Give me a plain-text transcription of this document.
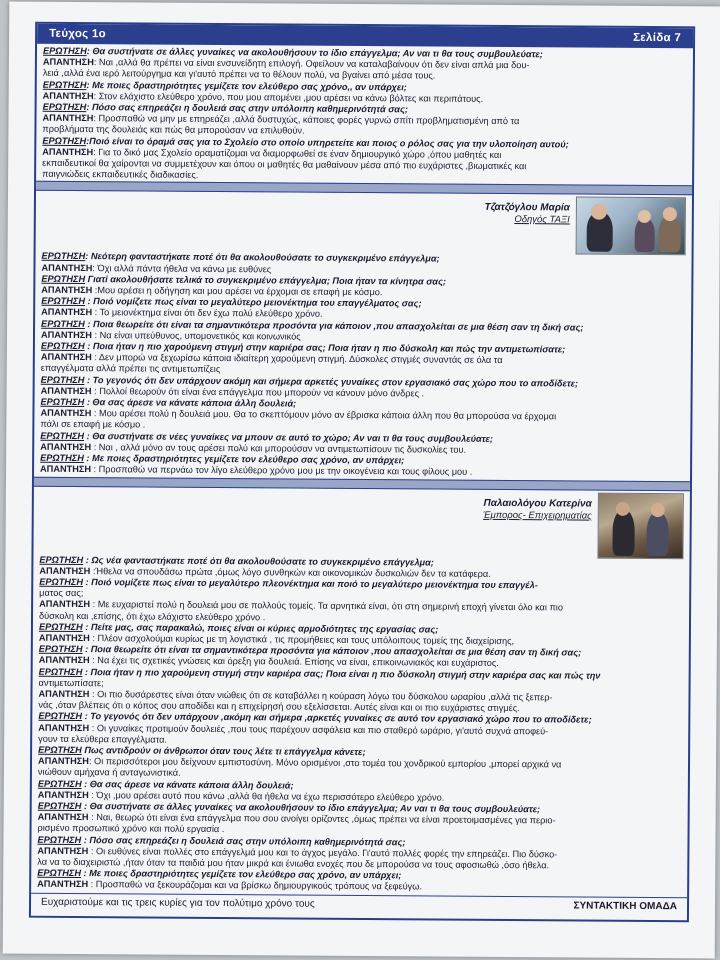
Τεύχος 1ο	Σελίδα 7
ΕΡΩΤΗΣΗ: Θα συστήνατε σε άλλες γυναίκες να ακολουθήσουν το ίδιο επάγγελμα; Αν ναι τι θα τους συμβουλεύατε;
ΑΠΑΝΤΗΣΗ: Ναι ,αλλά θα πρέπει να είναι ενσυνείδητη επιλογή. Οφείλουν να καταλαβαίνουν ότι δεν είναι απλά μια δου-
λειά ,αλλά ένα ιερό λειτούργημα και γι'αυτό πρέπει να το θέλουν πολύ, να βγαίνει από μέσα τους.
ΕΡΩΤΗΣΗ: Με ποιες δραστηριότητες γεμίζετε τον ελεύθερο σας χρόνο,, αν υπάρχει;
ΑΠΑΝΤΗΣΗ: Στον ελάχιστο ελεύθερο χρόνο, που μου απομένει ,μου αρέσει να κάνω βόλτες και περιπάτους.
ΕΡΩΤΗΣΗ: Πόσο σας επηρεάζει η δουλειά σας στην υπόλοιπη καθημερινότητά σας;
ΑΠΑΝΤΗΣΗ: Προσπαθώ να μην με επηρεάζει ,αλλά δυστυχώς, κάποιες φορές γυρνώ σπίτι προβληματισμένη από τα
προβλήματα της δουλειάς και πώς θα μπορούσαν να επιλυθούν.
ΕΡΩΤΗΣΗ:Ποιό είναι το όραμά σας για το Σχολείο στο οποίο υπηρετείτε και ποιος ο ρόλος σας για την υλοποίηση αυτού;
ΑΠΑΝΤΗΣΗ: Για το δικό μας Σχολείο οραματίζομαι να διαμορφωθεί σε έναν δημιουργικό χώρο ,όπου μαθητές και
εκπαιδευτικοί θα χαίρονται να συμμετέχουν και όπου οι μαθητές θα μαθαίνουν μέσα από πιο ευχάριστες ,βιωματικές και
παιγνιώδεις εκπαιδευτικές διαδικασίες.
Τζατζόγλου Μαρία
Οδηγός ΤΑΞΙ
ΕΡΩΤΗΣΗ: Νεότερη φανταστήκατε ποτέ ότι θα ακολουθούσατε το συγκεκριμένο επάγγελμα;
ΑΠΑΝΤΗΣΗ: Όχι αλλά πάντα ήθελα να κάνω με ευθύνες
ΕΡΩΤΗΣΗ Γιατί ακολουθήσατε τελικά το συγκεκριμένο επάγγελμα; Ποια ήταν τα κίνητρα σας;
ΑΠΑΝΤΗΣΗ :Μου αρέσει η οδήγηση και μου αρέσει να έρχομαι σε επαφή με κόσμο.
ΕΡΩΤΗΣΗ : Ποιό νομίζετε πως είναι το μεγαλύτερο μειονέκτημα του επαγγέλματος σας;
ΑΠΑΝΤΗΣΗ : Το μειονέκτημα είναι ότι δεν έχω πολύ ελεύθερο χρόνο.
ΕΡΩΤΗΣΗ : Ποια θεωρείτε ότι είναι τα σημαντικότερα προσόντα για κάποιον ,που απασχολείται σε μια θέση σαν τη δική σας;
ΑΠΑΝΤΗΣΗ : Να είναι υπεύθυνος, υπομονετικός και κοινωνικός
ΕΡΩΤΗΣΗ : Ποια ήταν η πιο χαρούμενη στιγμή στην καριέρα σας; Ποια ήταν η πιο δύσκολη και πώς την αντιμετωπίσατε;
ΑΠΑΝΤΗΣΗ : Δεν μπορώ να ξεχωρίσω κάποια ιδιαίτερη χαρούμενη στιγμή. Δύσκολες στιγμές συναντάς σε όλα τα
επαγγέλματα αλλά πρέπει τις αντιμετωπίζεις
ΕΡΩΤΗΣΗ : Το γεγονός ότι δεν υπάρχουν ακόμη και σήμερα αρκετές γυναίκες στον εργασιακό σας χώρο που το αποδίδετε;
ΑΠΑΝΤΗΣΗ : Πολλοί θεωρούν ότι είναι ένα επάγγελμα που μπορούν να κάνουν μόνο άνδρες .
ΕΡΩΤΗΣΗ : Θα σας άρεσε να κάνατε κάποια άλλη δουλειά;
ΑΠΑΝΤΗΣΗ : Μου αρέσει πολύ η δουλειά μου. Θα το σκεπτόμουν μόνο αν έβρισκα κάποια άλλη που θα μπορούσα να έρχομαι
πάλι σε επαφή με κόσμο .
ΕΡΩΤΗΣΗ : Θα συστήνατε σε νέες γυναίκες να μπουν σε αυτό το χώρο; Αν ναι τι θα τους συμβουλεύατε;
ΑΠΑΝΤΗΣΗ : Ναι , αλλά μόνο αν τους αρέσει πολύ και μπορούσαν να αντιμετωπίσουν τις δυσκολίες του.
ΕΡΩΤΗΣΗ : Με ποιες δραστηριότητες γεμίζετε τον ελεύθερο σας χρόνο, αν υπάρχει;
ΑΠΑΝΤΗΣΗ : Προσπαθώ να περνάω τον λίγο ελεύθερο χρόνο μου με την οικογένεια και τους φίλους μου .
Παλαιολόγου Κατερίνα
Έμπορος- Επιχειρηματίας
ΕΡΩΤΗΣΗ : Ως νέα φανταστήκατε ποτέ ότι θα ακολουθούσατε το συγκεκριμένο επάγγελμα;
ΑΠΑΝΤΗΣΗ :Ήθελα να σπουδάσω πρώτα ,όμως λόγο συνθηκών και οικονομικών δυσκολιών δεν τα κατάφερα.
ΕΡΩΤΗΣΗ : Ποιό νομίζετε πως είναι το μεγαλύτερο πλεονέκτημα και ποιό το μεγαλύτερο μειονέκτημα του επαγγέλ-
ματος σας;
ΑΠΑΝΤΗΣΗ : Με ευχαριστεί πολύ η δουλειά μου σε πολλούς τομείς. Τα αρνητικά είναι, ότι στη σημερινή εποχή γίνεται όλο και πιο
δύσκολη και ,επίσης, ότι έχω ελάχιστο ελεύθερο χρόνο .
ΕΡΩΤΗΣΗ : Πείτε μας, σας παρακαλώ, ποιες είναι οι κύριες αρμοδιότητες της εργασίας σας;
ΑΠΑΝΤΗΣΗ : Πλέον ασχολούμαι κυρίως με τη λογιστικά , τις προμήθειες και τους υπόλοιπους τομείς της διαχείρισης,
ΕΡΩΤΗΣΗ : Ποια θεωρείτε ότι είναι τα σημαντικότερα προσόντα για κάποιον ,που απασχολείται σε μια θέση σαν τη δική σας;
ΑΠΑΝΤΗΣΗ : Να έχει τις σχετικές γνώσεις και όρεξη για δουλειά. Επίσης να είναι, επικοινωνιακός και ευχάριστος.
ΕΡΩΤΗΣΗ : Ποια ήταν η πιο χαρούμενη στιγμή στην καριέρα σας; Ποια είναι η πιο δύσκολη στιγμή στην καριέρα σας και πώς την
αντιμετωπίσατε;
ΑΠΑΝΤΗΣΗ : Οι πιο δυσάρεστες είναι όταν νιώθεις ότι σε καταβάλλει η κούραση λόγω του δύσκολου ωραρίου ,αλλά τις ξεπερ-
νάς ,όταν βλέπεις ότι ο κόπος σου αποδίδει και η επιχείρησή σου εξελίσσεται. Αυτές είναι και οι πιο ευχάριστες στιγμές.
ΕΡΩΤΗΣΗ : Το γεγονός ότι δεν υπάρχουν ,ακόμη και σήμερα ,αρκετές γυναίκες σε αυτό τον εργασιακό χώρο που το αποδίδετε;
ΑΠΑΝΤΗΣΗ : Οι γυναίκες προτιμούν δουλειές ,που τους παρέχουν ασφάλεια και πιο σταθερό ωράριο, γι'αυτό συχνά αποφεύ-
γουν τα ελεύθερα επαγγέλματα.
ΕΡΩΤΗΣΗ Πως αντιδρούν οι άνθρωποι όταν τους λέτε τι επάγγελμα κάνετε;
ΑΠΑΝΤΗΣΗ: Οι περισσότεροι μου δείχνουν εμπιστοσύνη. Μόνο ορισμένοι ,στο τομέα του χονδρικού εμπορίου ,μπορεί αρχικά να
νιώθουν αμήχανα ή ανταγωνιστικά.
ΕΡΩΤΗΣΗ : Θα σας άρεσε να κάνατε κάποια άλλη δουλειά;
ΑΠΑΝΤΗΣΗ : Όχι ,μου αρέσει αυτό που κάνω ,αλλά θα ήθελα να έχω περισσότερο ελεύθερο χρόνο.
ΕΡΩΤΗΣΗ : Θα συστήνατε σε άλλες γυναίκες να ακολουθήσουν το ίδιο επάγγελμα; Αν ναι τι θα τους συμβουλεύατε;
ΑΠΑΝΤΗΣΗ : Ναι, θεωρώ ότι είναι ένα επάγγελμα που σου ανοίγει ορίζοντες ,όμως πρέπει να είναι προετοιμασμένες για περιο-
ρισμένο προσωπικό χρόνο και πολύ εργασία .
ΕΡΩΤΗΣΗ : Πόσο σας επηρεάζει η δουλειά σας στην υπόλοιπη καθημερινότητά σας;
ΑΠΑΝΤΗΣΗ : Οι ευθύνες είναι πολλές στο επάγγελμά μου και το άγχος μεγάλο. Γι'αυτό πολλές φορές την επηρεάζει. Πιο δύσκο-
λα να το διαχειριστώ ,ήταν όταν τα παιδιά μου ήταν μικρά και ένιωθα ενοχές που δε μπορούσα να τους αφοσιωθώ ,όσο ήθελα.
ΕΡΩΤΗΣΗ : Με ποιες δραστηριότητες γεμίζετε τον ελεύθερο σας χρόνο, αν υπάρχει;
ΑΠΑΝΤΗΣΗ : Προσπαθώ να ξεκουράζομαι και να βρίσκω δημιουργικούς τρόπους να ξεφεύγω.
Ευχαριστούμε και τις τρεις κυρίες για τον πολύτιμο χρόνο τους	ΣΥΝΤΑΚΤΙΚΗ ΟΜΑΔΑ
